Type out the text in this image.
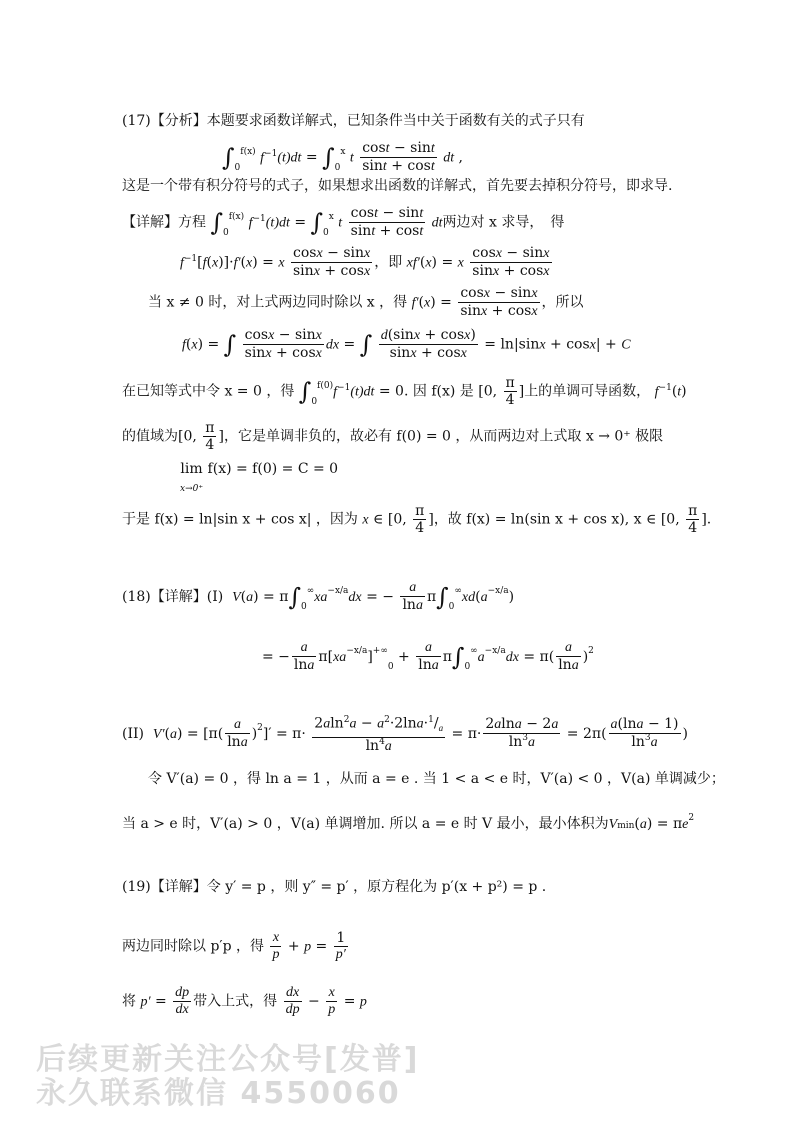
(17)【分析】本题要求函数详解式，已知条件当中关于函数有关的式子只有
$\int_0^{f(x)}$ $f^{-1}(t)dt = \int_0^x$ t $\frac{\cos t - \sin t}{\sin t + \cos t}$ dt ,
这是一个带有积分符号的式子，如果想求出函数的详解式，首先要去掉积分符号，即求导.
【详解】方程 $\int_0^{f(x)}$ $f^{-1}(t)dt = \int_0^x$ t $\frac{\cos t - \sin t}{\sin t + \cos t}$ dt两边对 x 求导，　得
$f^{-1}[f(x)]\cdot f'(x) = x \frac{\cos x - \sin x}{\sin x + \cos x}$ ，即 xf′(x) = x $\frac{\cos x - \sin x}{\sin x + \cos x}$
当 x ≠ 0 时，对上式两边同时除以 x ，得 $f'(x) = \frac{\cos x - \sin x}{\sin x + \cos x}$ ，所以
f(x) = ∫ $\frac{\cos x - \sin x}{\sin x + \cos x}$ dx = ∫ $\frac{d(\sin x + \cos x)}{\sin x + \cos x} = \ln|\sin x + \cos x| + C$
在已知等式中令 x = 0 ，得 $\int_0^{f(0)}f^{-1}(t)dt = 0$. 因 f(x) 是 [0, $\frac{\pi}{4}$ ]上的单调可导函数， $f^{-1}(t)$
的值域为[0, $\frac{\pi}{4}$ ]，它是单调非负的，故必有 f(0) = 0 ，从而两边对上式取 x → 0⁺ 极限
lim
x→0⁺ f(x) = f(0) = C = 0
于是 f(x) = ln|sin x + cos x| ，因为 x ∈ [0, $\frac{\pi}{4}$ ]，故 f(x) = ln(sin x + cos x), x ∈ [0, $\frac{\pi}{4}$ ].
(18)【详解】(I) $V(a) = \pi\int_0^\infty xa^{-x/a}dx$ = − $\frac{a}{\ln a} \pi\int_0^\infty xd(a^{-x/a})$
= − $\frac{a}{\ln a} \pi[xa^{-x/a}]^{+\infty}_0 + \frac{a}{\ln a} \pi\int_0^\infty a^{-x/a}dx = \pi( \frac{a}{\ln a} )^2$
(II) $V'(a) = [\pi( \frac{a}{\ln a} )^2]' = \pi\cdot \frac{2aln^2a - a^2\cdot 2\ln a\cdot^1/_a}{\ln^4a} = \pi\cdot \frac{2alna - 2a}{\ln^3a} = 2\pi( \frac{a(\ln a - 1)}{\ln^3a}$ )
令 V′(a) = 0 ，得 ln a = 1 ，从而 a = e . 当 1 < a < e 时，V′(a) < 0 ，V(a) 单调减少；
当 a > e 时，V′(a) > 0 ，V(a) 单调增加. 所以 a = e 时 V 最小，最小体积为$Vmin(a) = \pi e^2$
(19)【详解】令 y′ = p ，则 y″ = p′ ，原方程化为 p′(x + p²) = p .
两边同时除以 p′p ，得 $\frac{x}{p} + p = \frac{1}{p'}$
将 $p' = \frac{dp}{dx}$ 带入上式，得 $\frac{dx}{dp} - \frac{x}{p} = p$
后续更新关注公众号[发普]
永久联系微信 4550060
